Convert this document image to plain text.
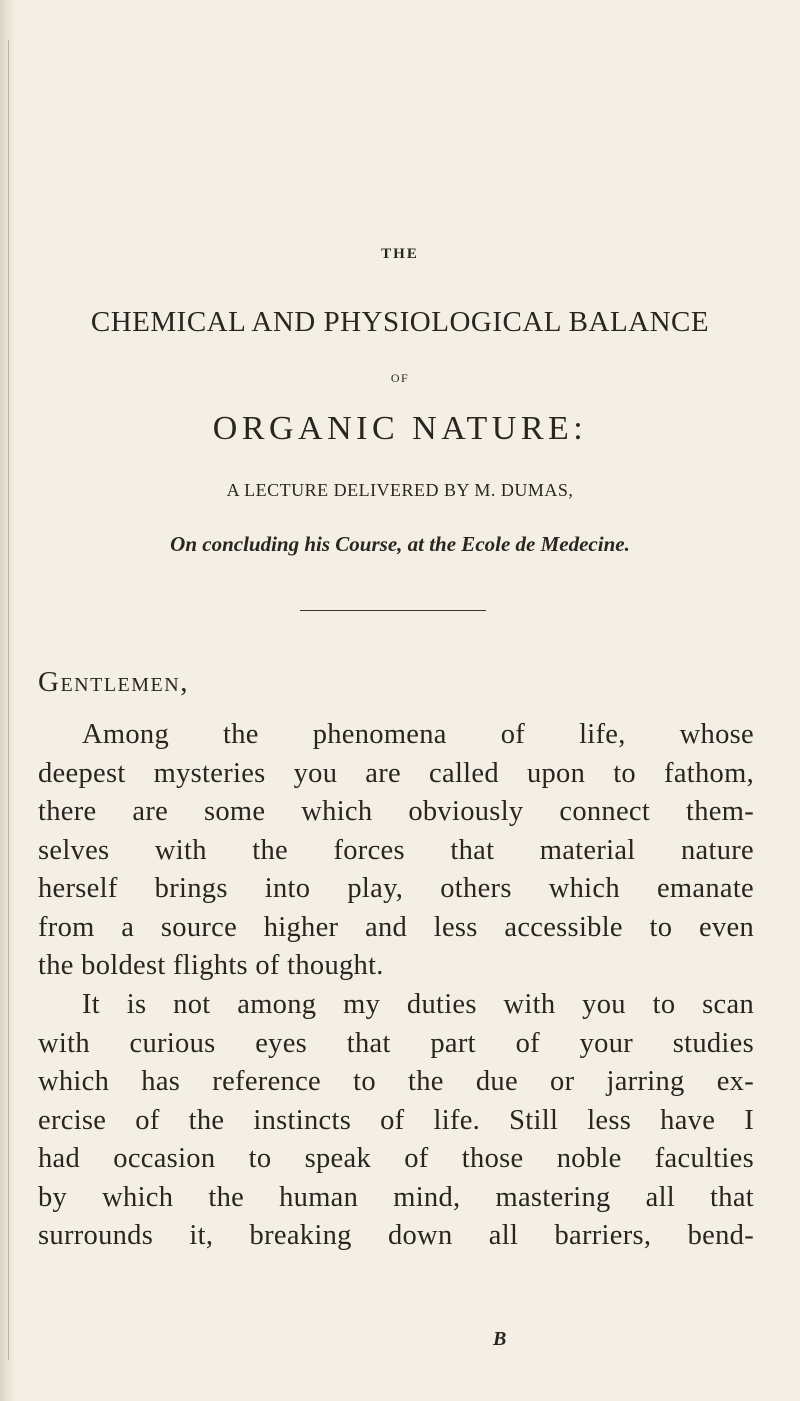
THE
CHEMICAL AND PHYSIOLOGICAL BALANCE
OF
ORGANIC NATURE:
A LECTURE DELIVERED BY M. DUMAS,
On concluding his Course, at the Ecole de Medecine.
Gentlemen,
Among the phenomena of life, whose
deepest mysteries you are called upon to fathom,
there are some which obviously connect them-
selves with the forces that material nature
herself brings into play, others which emanate
from a source higher and less accessible to even
the boldest flights of thought.
It is not among my duties with you to scan
with curious eyes that part of your studies
which has reference to the due or jarring ex-
ercise of the instincts of life. Still less have I
had occasion to speak of those noble faculties
by which the human mind, mastering all that
surrounds it, breaking down all barriers, bend-
B
